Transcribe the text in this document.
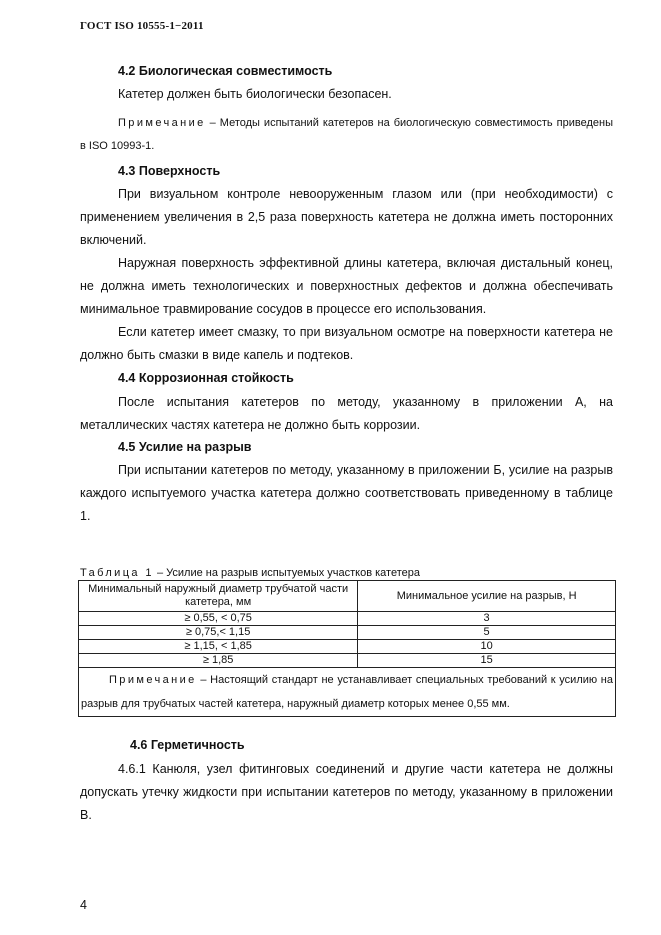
ГОСТ ISO 10555-1−2011
4.2 Биологическая совместимость

Катетер должен быть биологически безопасен.

Примечание – Методы испытаний катетеров на биологическую совместимость приведены в ISO 10993-1.

4.3 Поверхность

При визуальном контроле невооруженным глазом или (при необходимости) с применением увеличения в 2,5 раза поверхность катетера не должна иметь посторонних включений.

Наружная поверхность эффективной длины катетера, включая дистальный конец, не должна иметь технологических и поверхностных дефектов и должна обеспечивать минимальное травмирование сосудов в процессе его использования.

Если катетер имеет смазку, то при визуальном осмотре на поверхности катетера не должно быть смазки в виде капель и подтеков.

4.4 Коррозионная стойкость

После испытания катетеров по методу, указанному в приложении А, на металлических частях катетера не должно быть коррозии.

4.5 Усилие на разрыв

При испытании катетеров по методу, указанному в приложении Б, усилие на разрыв каждого испытуемого участка катетера должно соответствовать приведенному в таблице 1.

Таблица 1 – Усилие на разрыв испытуемых участков катетера
Минимальный наружный диаметр трубчатой части катетера, мм	Минимальное усилие на разрыв, Н
≥ 0,55, < 0,75	3
≥ 0,75,< 1,15	5
≥ 1,15, < 1,85	10
≥ 1,85	15
Примечание – Настоящий стандарт не устанавливает специальных требований к усилию на разрыв для трубчатых частей катетера, наружный диаметр которых менее 0,55 мм.	
4.6 Герметичность

4.6.1 Канюля, узел фитинговых соединений и другие части катетера не должны допускать утечку жидкости при испытании катетеров по методу, указанному в приложении В.

4
